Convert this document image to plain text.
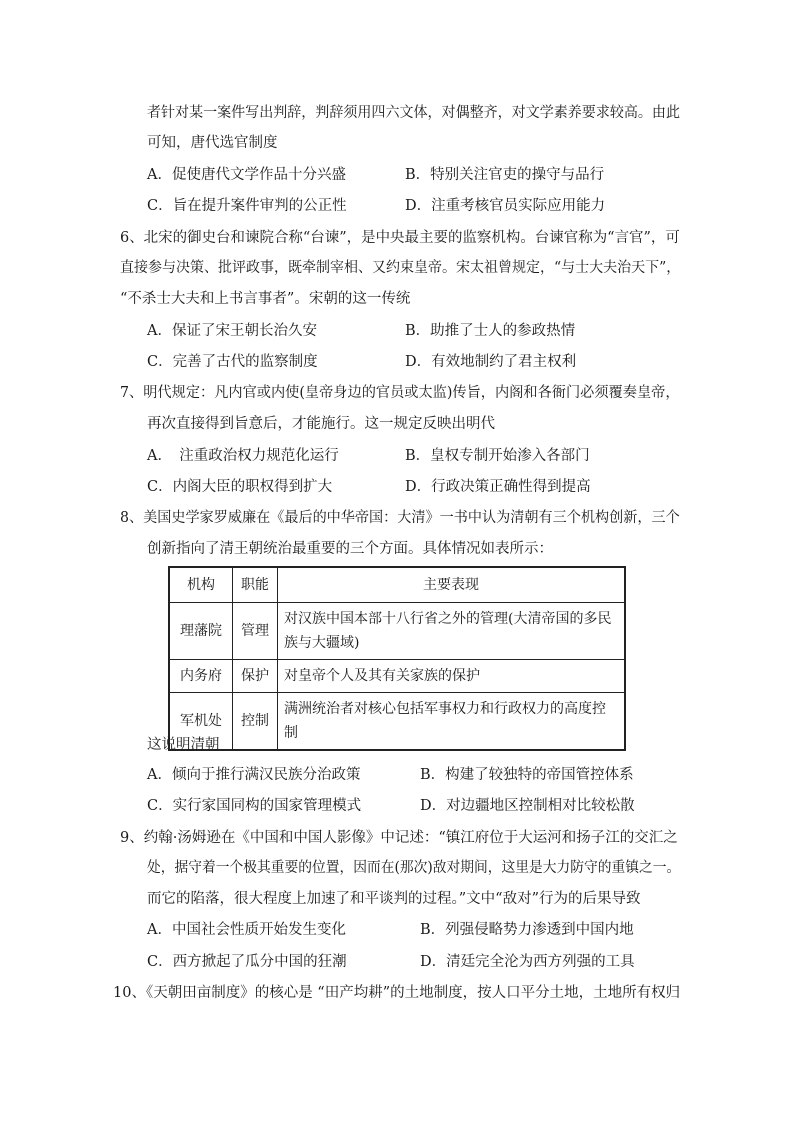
者针对某一案件写出判辞，判辞须用四六文体，对偶整齐，对文学素养要求较高。由此
可知，唐代选官制度
A．促使唐代文学作品十分兴盛	B．特别关注官吏的操守与品行
C．旨在提升案件审判的公正性	D．注重考核官员实际应用能力
6、北宋的御史台和谏院合称“台谏”，是中央最主要的监察机构。台谏官称为“言官”，可
直接参与决策、批评政事，既牵制宰相、又约束皇帝。宋太祖曾规定，“与士大夫治天下”，
“不杀士大夫和上书言事者”。宋朝的这一传统
A．保证了宋王朝长治久安	B．助推了士人的参政热情
C．完善了古代的监察制度	D．有效地制约了君主权利
7、明代规定：凡内官或内使(皇帝身边的官员或太监)传旨，内阁和各衙门必须覆奏皇帝，
再次直接得到旨意后，才能施行。这一规定反映出明代
A．　注重政治权力规范化运行	B．皇权专制开始渗入各部门
C．内阁大臣的职权得到扩大	D．行政决策正确性得到提高
8、美国史学家罗威廉在《最后的中华帝国：大清》一书中认为清朝有三个机构创新，三个
创新指向了清王朝统治最重要的三个方面。具体情况如表所示：
机构	职能	主要表现
理藩院	管理	对汉族中国本部十八行省之外的管理(大清帝国的多民
族与大疆域)

内务府	保护	对皇帝个人及其有关家族的保护
军机处	控制	满洲统治者对核心包括军事权力和行政权力的高度控制
这说明清朝
A．倾向于推行满汉民族分治政策	B．构建了较独特的帝国管控体系
C．实行家国同构的国家管理模式	D．对边疆地区控制相对比较松散
9、约翰·汤姆逊在《中国和中国人影像》中记述：“镇江府位于大运河和扬子江的交汇之
处，据守着一个极其重要的位置，因而在(那次)敌对期间，这里是大力防守的重镇之一。
而它的陷落，很大程度上加速了和平谈判的过程。”文中“敌对”行为的后果导致
A．中国社会性质开始发生变化	B．列强侵略势力渗透到中国内地
C．西方掀起了瓜分中国的狂潮	D．清廷完全沦为西方列强的工具
10、《天朝田亩制度》的核心是 “田产均耕”的土地制度，按人口平分土地，土地所有权归
